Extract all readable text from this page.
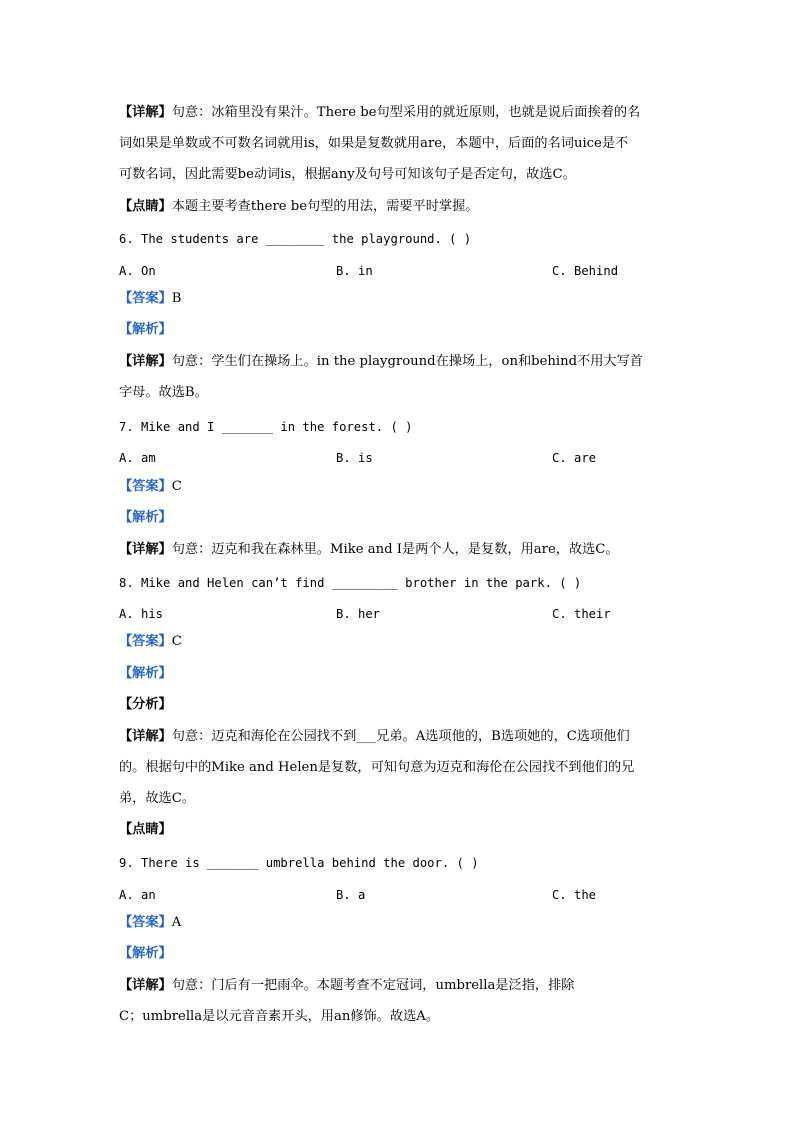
【详解】句意：冰箱里没有果汁。There be句型采用的就近原则，也就是说后面挨着的名
词如果是单数或不可数名词就用is，如果是复数就用are，本题中，后面的名词uice是不
可数名词，因此需要be动词is，根据any及句号可知该句子是否定句，故选C。
【点睛】本题主要考查there be句型的用法，需要平时掌握。
6. The students are ________ the playground. ( )
A. On	B. in	C. Behind
【答案】B
【解析】
【详解】句意：学生们在操场上。in the playground在操场上，on和behind不用大写首
字母。故选B。
7. Mike and I _______ in the forest. ( )
A. am	B. is	C. are
【答案】C
【解析】
【详解】句意：迈克和我在森林里。Mike and I是两个人，是复数，用are，故选C。
8. Mike and Helen can’t find _________ brother in the park. ( )
A. his	B. her	C. their
【答案】C
【解析】
【分析】
【详解】句意：迈克和海伦在公园找不到___兄弟。A选项他的，B选项她的，C选项他们
的。根据句中的Mike and Helen是复数，可知句意为迈克和海伦在公园找不到他们的兄
弟，故选C。
【点睛】
9. There is _______ umbrella behind the door. ( )
A. an	B. a	C. the
【答案】A
【解析】
【详解】句意：门后有一把雨伞。本题考查不定冠词，umbrella是泛指，排除
C；umbrella是以元音音素开头，用an修饰。故选A。
